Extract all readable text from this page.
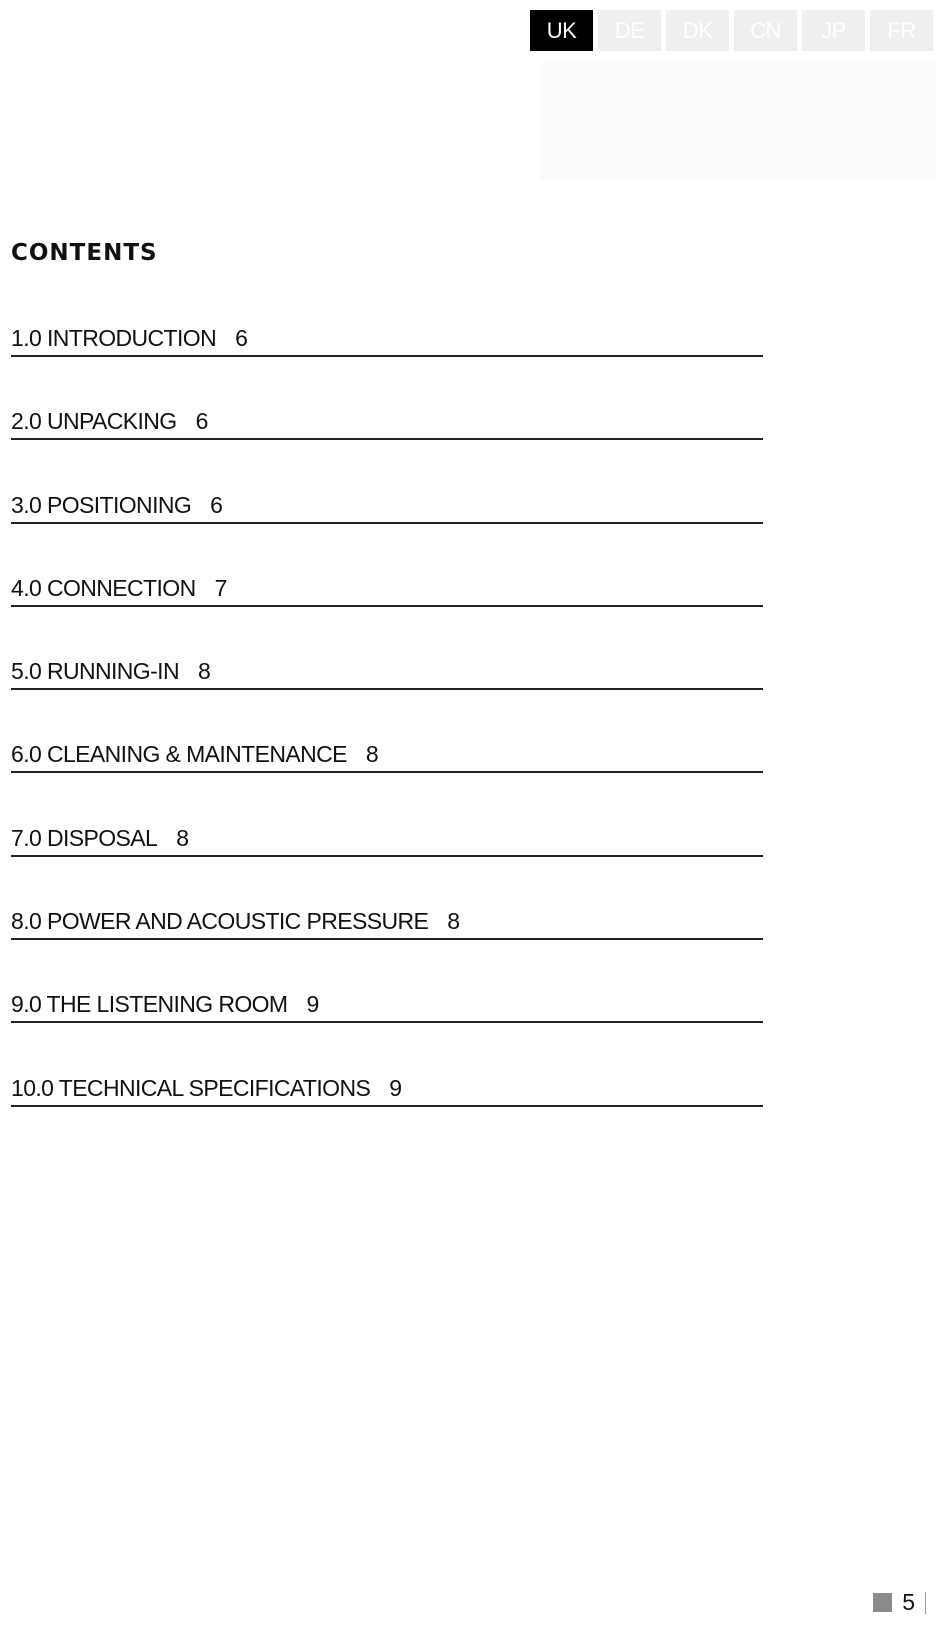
UK	DE	DK	CN	JP	FR
CONTENTS
1.0 INTRODUCTION 6
2.0 UNPACKING 6
3.0 POSITIONING 6
4.0 CONNECTION 7
5.0 RUNNING-IN 8
6.0 CLEANING & MAINTENANCE 8
7.0 DISPOSAL 8
8.0 POWER AND ACOUSTIC PRESSURE 8
9.0 THE LISTENING ROOM 9
10.0 TECHNICAL SPECIFICATIONS 9
5
